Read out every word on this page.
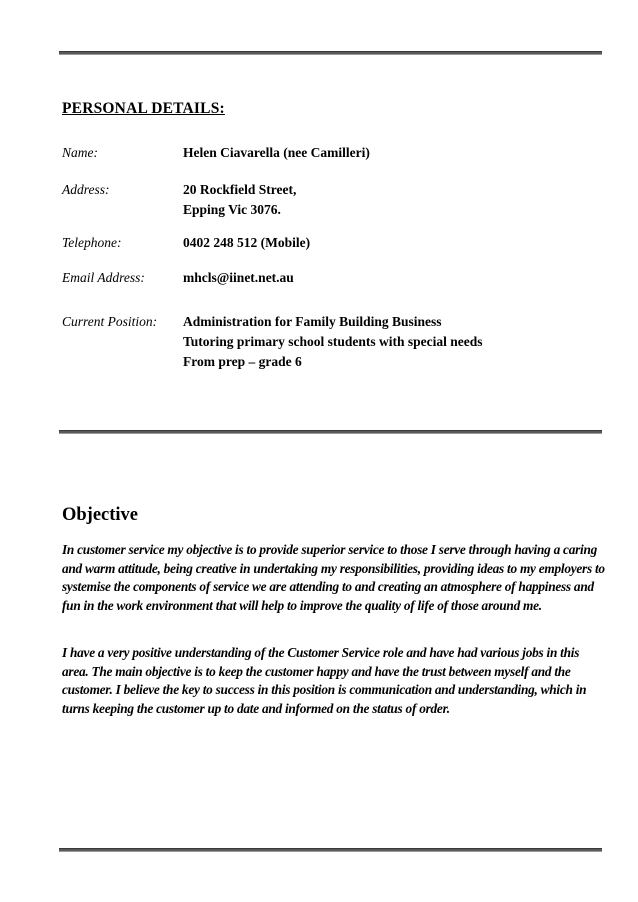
PERSONAL DETAILS:
Name:	Helen Ciavarella (nee Camilleri)
Address:	20 Rockfield Street,
Epping Vic 3076.
Telephone:	0402 248 512 (Mobile)
Email Address:	mhcls@iinet.net.au
Current Position: Administration for Family Building Business
Tutoring primary school students with special needs
From prep – grade 6
Objective

In customer service my objective is to provide superior service to those I serve through having a caring and warm attitude, being creative in undertaking my responsibilities, providing ideas to my employers to systemise the components of service we are attending to and creating an atmosphere of happiness and fun in the work environment that will help to improve the quality of life of those around me.

I have a very positive understanding of the Customer Service role and have had various jobs in this area. The main objective is to keep the customer happy and have the trust between myself and the customer. I believe the key to success in this position is communication and understanding, which in turns keeping the customer up to date and informed on the status of order.
